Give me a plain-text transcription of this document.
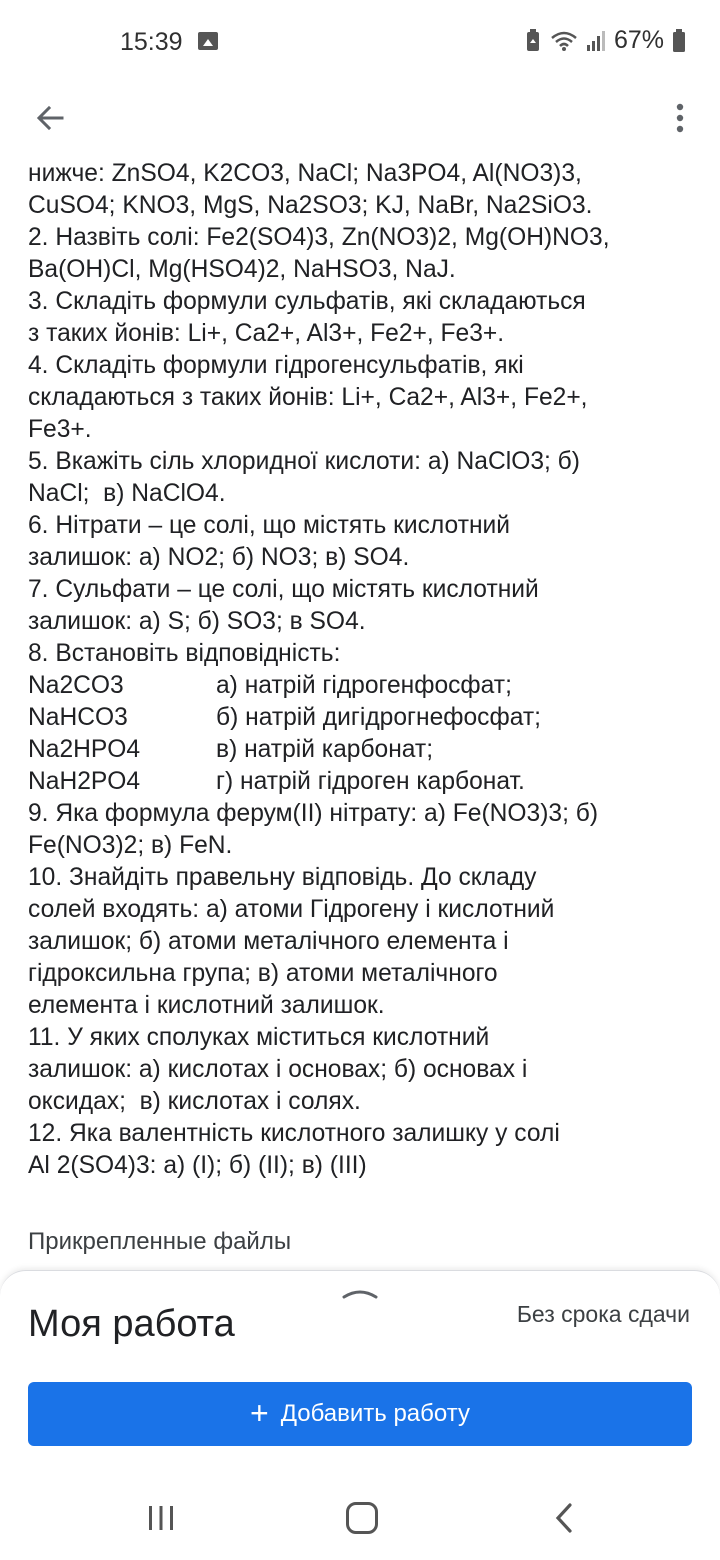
15:39	67%
нижче: ZnSO4, K2CO3, NaCl; Na3PO4, Al(NO3)3,
CuSO4; KNO3, MgS, Na2SO3; KJ, NaBr, Na2SiO3.
2. Назвіть солі: Fe2(SO4)3, Zn(NO3)2, Mg(OH)NO3,
Ba(OH)Cl, Mg(HSO4)2, NaHSO3, NaJ.
3. Складіть формули сульфатів, які складаються
з таких йонів: Li+, Ca2+, Al3+, Fe2+, Fe3+.
4. Складіть формули гідрогенсульфатів, які
складаються з таких йонів: Li+, Ca2+, Al3+, Fe2+,
Fe3+.
5. Вкажіть сіль хлоридної кислоти: а) NaClO3; б)
NaCl;  в) NaClO4.
6. Нітрати – це солі, що містять кислотний
залишок: а) NO2; б) NO3; в) SO4.
7. Сульфати – це солі, що містять кислотний
залишок: а) S; б) SO3; в SO4.
8. Встановіть відповідність:
Na2CO3	а) натрій гідрогенфосфат;
NaHCO3	б) натрій дигідрогнефосфат;
Na2HPO4	в) натрій карбонат;
NaH2PO4	г) натрій гідроген карбонат.
9. Яка формула ферум(ІІ) нітрату: а) Fe(NO3)3; б)
Fe(NO3)2; в) FeN.
10. Знайдіть правельну відповідь. До складу
солей входять: а) атоми Гідрогену і кислотний
залишок; б) атоми металічного елемента і
гідроксильна група; в) атоми металічного
елемента і кислотний залишок.
11. У яких сполуках міститься кислотний
залишок: а) кислотах і основах; б) основах і
оксидах;  в) кислотах і солях.
12. Яка валентність кислотного залишку у солі
Al 2(SO4)3: а) (І); б) (ІІ); в) (ІІІ)
Прикрепленные файлы
Моя работа	Без срока сдачи
+ Добавить работу
